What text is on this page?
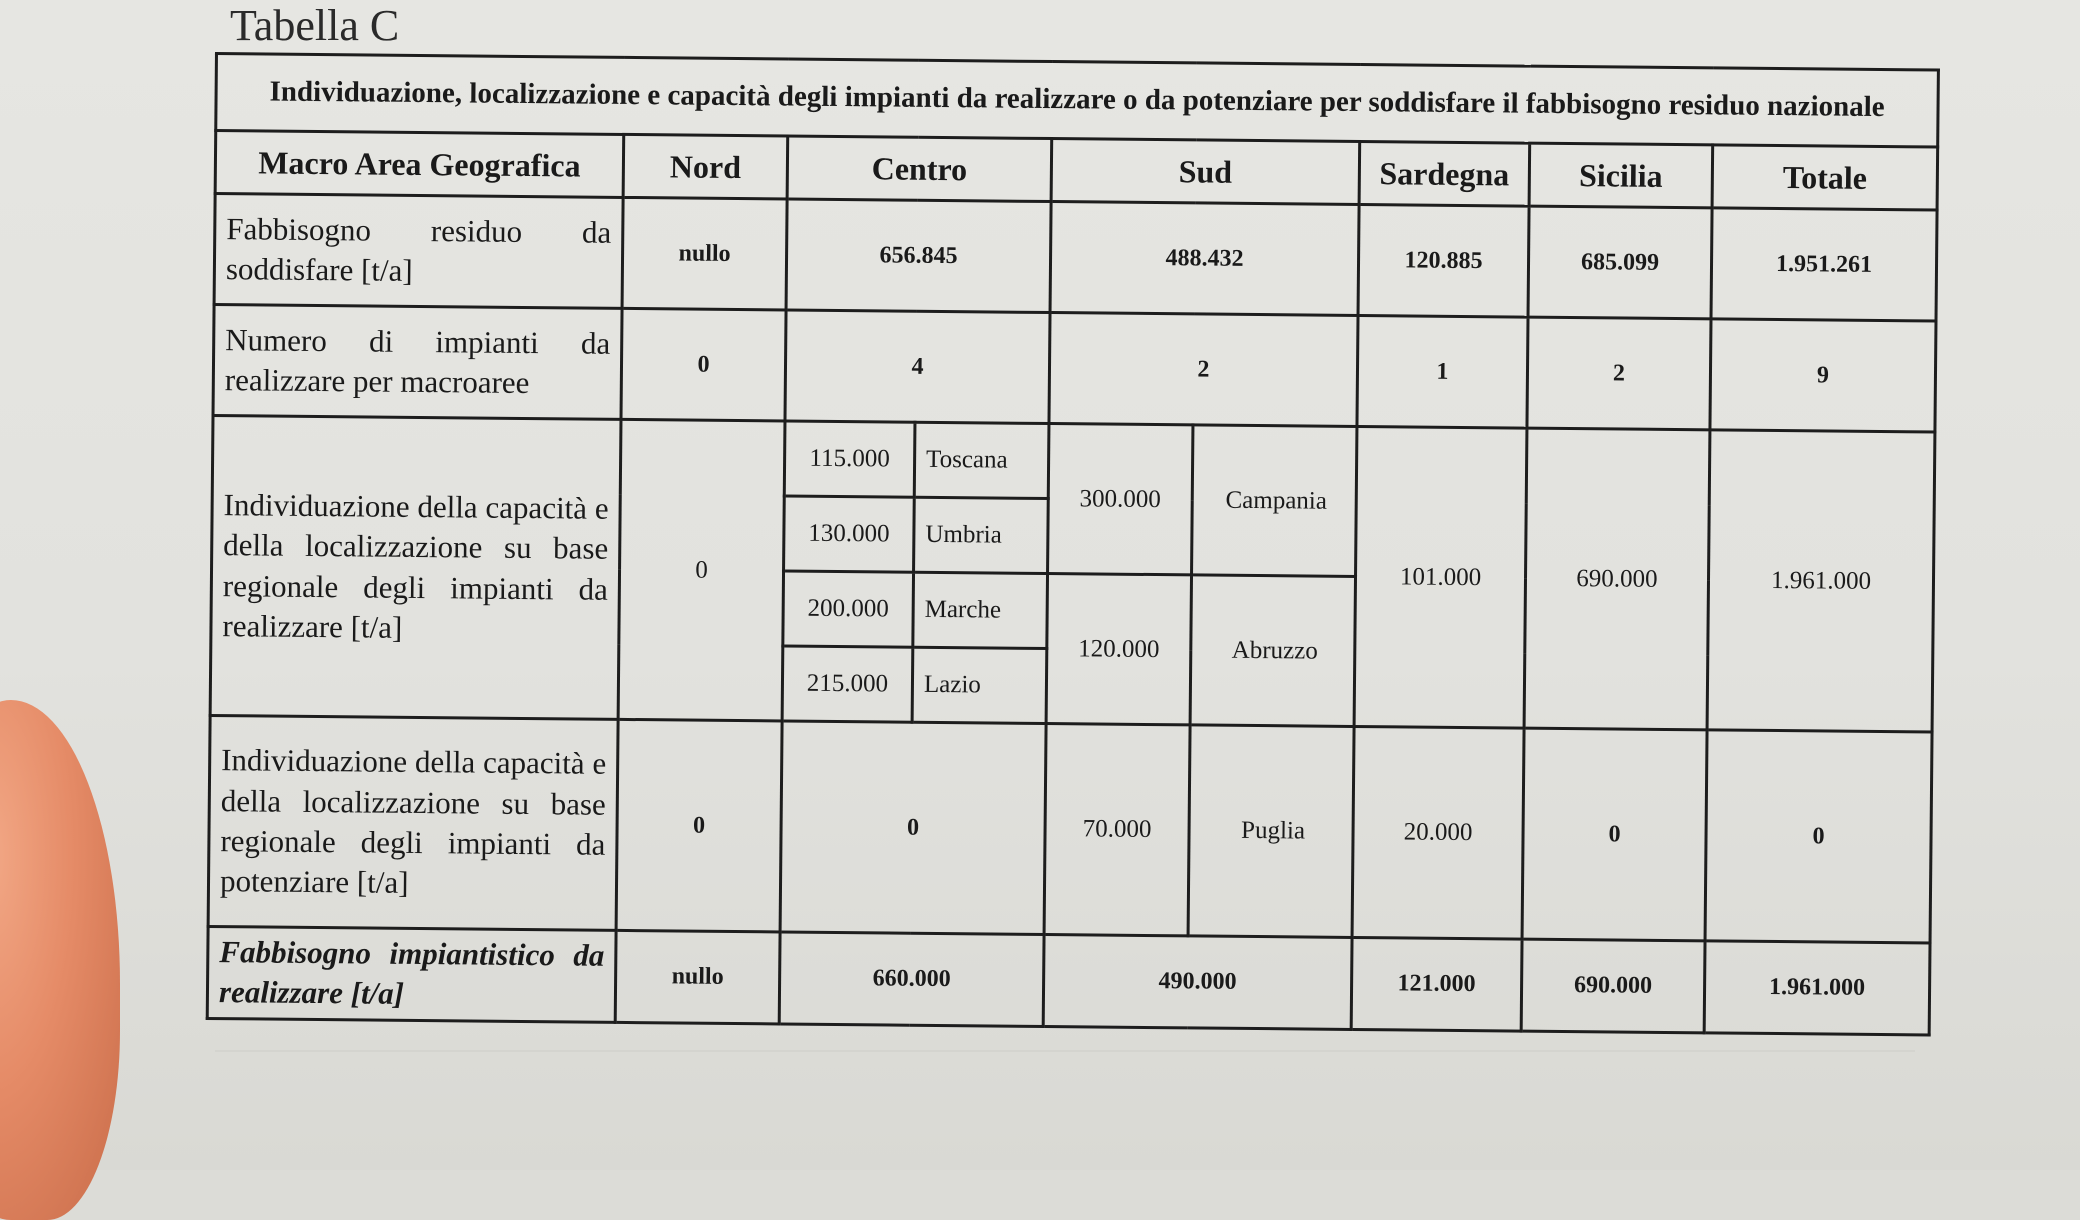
Tabella C
Individuazione, localizzazione e capacità degli impianti da realizzare o da potenziare per soddisfare il fabbisogno residuo nazionale								
Macro Area Geografica	Nord	Centro		Sud		Sardegna	Sicilia	Totale
Fabbisogno residuo da soddisfare [t/a]	nullo	656.845		488.432		120.885	685.099	1.951.261
Numero di impianti da realizzare per macroaree	0	4		2		1	2	9
Individuazione della capacità e della localizzazione su base regionale degli impianti da realizzare [t/a]	0	115.000	Toscana	300.000	Campania	101.000	690.000	1.961.000
		130.000	Umbria					
		200.000	Marche	120.000	Abruzzo			
		215.000	Lazio					
Individuazione della capacità e della localizzazione su base regionale degli impianti da potenziare [t/a]	0	0		70.000	Puglia	20.000	0	0
Fabbisogno impiantistico da realizzare [t/a]	nullo	660.000		490.000		121.000	690.000	1.961.000
